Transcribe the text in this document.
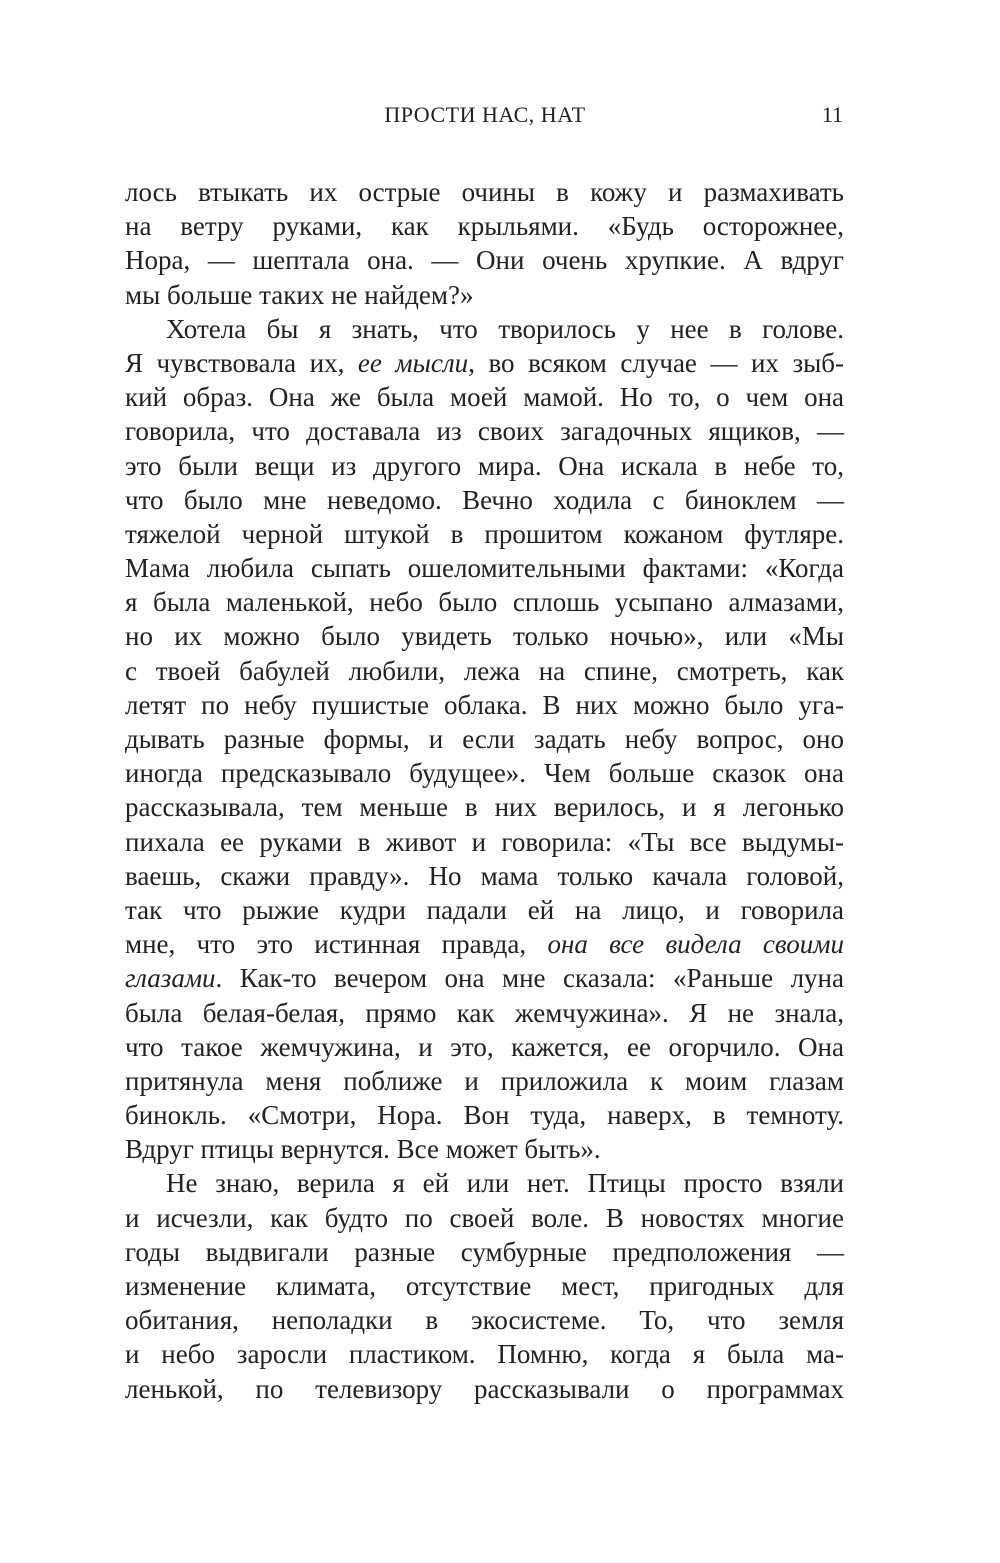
ПРОСТИ НАС, НАТ	11
лось втыкать их острые очины в кожу и размахивать
на ветру руками, как крыльями. «Будь осторожнее,
Нора, — шептала она. — Они очень хрупкие. А вдруг
мы больше таких не найдем?»
Хотела бы я знать, что творилось у нее в голове.
Я чувствовала их, ее мысли, во всяком случае — их зыб-
кий образ. Она же была моей мамой. Но то, о чем она
говорила, что доставала из своих загадочных ящиков, —
это были вещи из другого мира. Она искала в небе то,
что было мне неведомо. Вечно ходила с биноклем —
тяжелой черной штукой в прошитом кожаном футляре.
Мама любила сыпать ошеломительными фактами: «Когда
я была маленькой, небо было сплошь усыпано алмазами,
но их можно было увидеть только ночью», или «Мы
с твоей бабулей любили, лежа на спине, смотреть, как
летят по небу пушистые облака. В них можно было уга-
дывать разные формы, и если задать небу вопрос, оно
иногда предсказывало будущее». Чем больше сказок она
рассказывала, тем меньше в них верилось, и я легонько
пихала ее руками в живот и говорила: «Ты все выдумы-
ваешь, скажи правду». Но мама только качала головой,
так что рыжие кудри падали ей на лицо, и говорила
мне, что это истинная правда, она все видела своими
глазами. Как-то вечером она мне сказала: «Раньше луна
была белая-белая, прямо как жемчужина». Я не знала,
что такое жемчужина, и это, кажется, ее огорчило. Она
притянула меня поближе и приложила к моим глазам
бинокль. «Смотри, Нора. Вон туда, наверх, в темноту.
Вдруг птицы вернутся. Все может быть».
Не знаю, верила я ей или нет. Птицы просто взяли
и исчезли, как будто по своей воле. В новостях многие
годы выдвигали разные сумбурные предположения —
изменение климата, отсутствие мест, пригодных для
обитания, неполадки в экосистеме. То, что земля
и небо заросли пластиком. Помню, когда я была ма-
ленькой, по телевизору рассказывали о программах
